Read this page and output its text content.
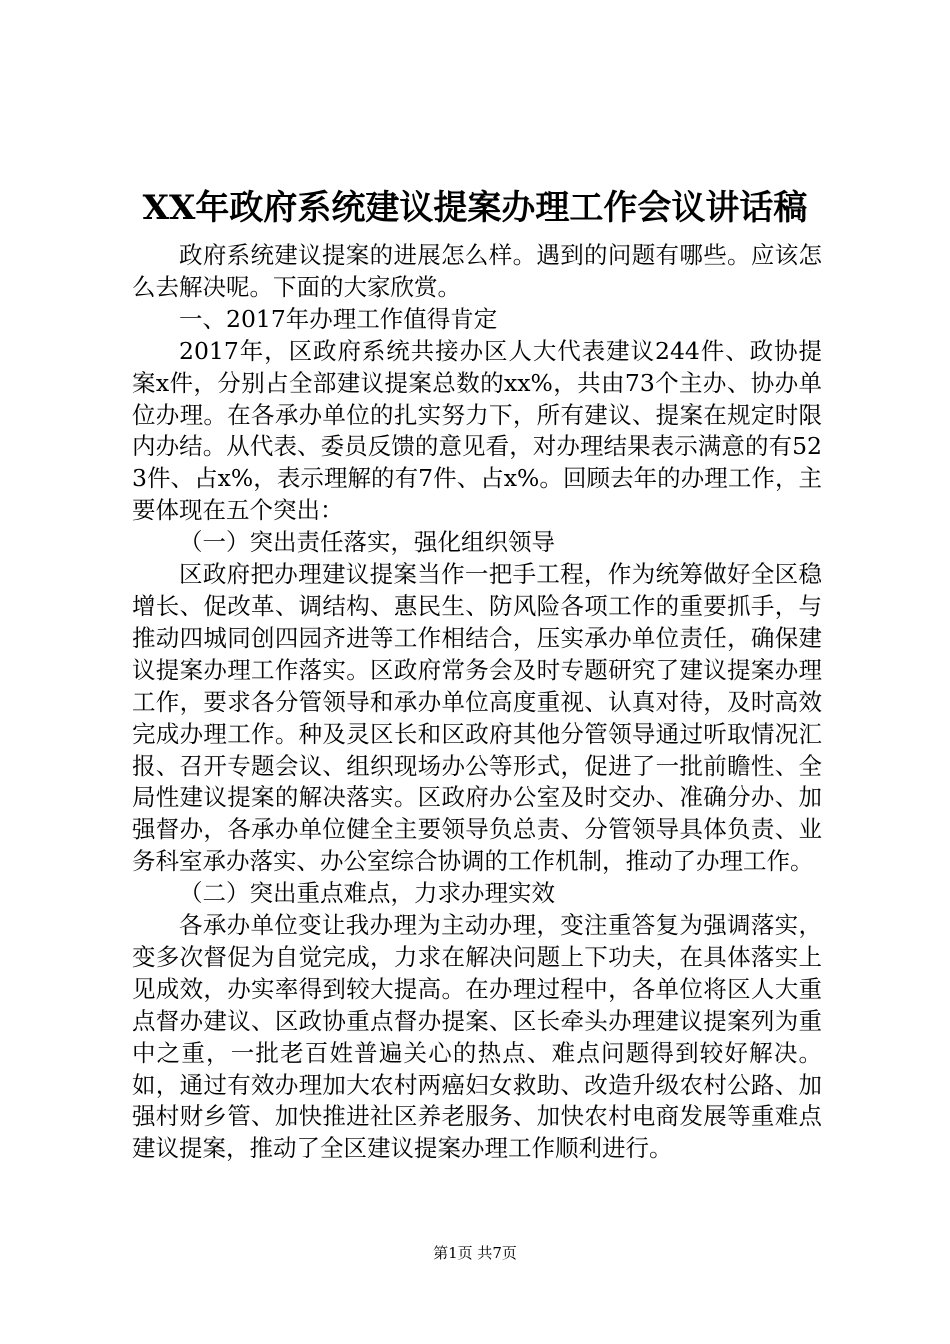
XX年政府系统建议提案办理工作会议讲话稿

政府系统建议提案的进展怎么样。遇到的问题有哪些。应该怎么去解决呢。下面的大家欣赏。

一、2017年办理工作值得肯定

2017年，区政府系统共接办区人大代表建议244件、政协提案x件，分别占全部建议提案总数的xx%，共由73个主办、协办单位办理。在各承办单位的扎实努力下，所有建议、提案在规定时限内办结。从代表、委员反馈的意见看，对办理结果表示满意的有523件、占x%，表示理解的有7件、占x%。回顾去年的办理工作，主要体现在五个突出：

（一）突出责任落实，强化组织领导

区政府把办理建议提案当作一把手工程，作为统筹做好全区稳增长、促改革、调结构、惠民生、防风险各项工作的重要抓手，与推动四城同创四园齐进等工作相结合，压实承办单位责任，确保建议提案办理工作落实。区政府常务会及时专题研究了建议提案办理工作，要求各分管领导和承办单位高度重视、认真对待，及时高效完成办理工作。种及灵区长和区政府其他分管领导通过听取情况汇报、召开专题会议、组织现场办公等形式，促进了一批前瞻性、全局性建议提案的解决落实。区政府办公室及时交办、准确分办、加强督办，各承办单位健全主要领导负总责、分管领导具体负责、业务科室承办落实、办公室综合协调的工作机制，推动了办理工作。

（二）突出重点难点，力求办理实效

各承办单位变让我办理为主动办理，变注重答复为强调落实，变多次督促为自觉完成，力求在解决问题上下功夫，在具体落实上见成效，办实率得到较大提高。在办理过程中，各单位将区人大重点督办建议、区政协重点督办提案、区长牵头办理建议提案列为重中之重，一批老百姓普遍关心的热点、难点问题得到较好解决。如，通过有效办理加大农村两癌妇女救助、改造升级农村公路、加强村财乡管、加快推进社区养老服务、加快农村电商发展等重难点建议提案，推动了全区建议提案办理工作顺利进行。

第1页 共7页
